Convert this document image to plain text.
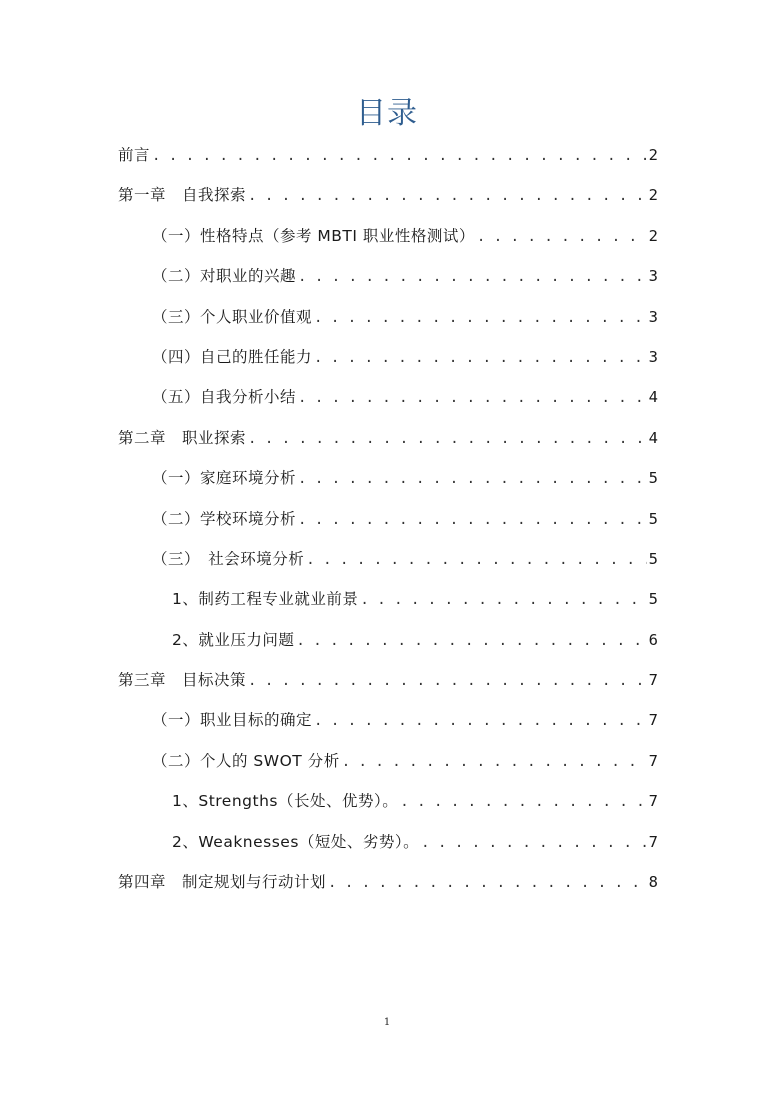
目录
前言 . . .	2
第一章　自我探索 . . .	2
（一）性格特点（参考 MBTI 职业性格测试） . . .	2
（二）对职业的兴趣 . . .	3
（三）个人职业价值观 . . .	3
（四）自己的胜任能力 . . .	3
（五）自我分析小结 . . .	4
第二章　职业探索 . . .	4
（一）家庭环境分析 . . .	5
（二）学校环境分析 . . .	5
（三）　社会环境分析 . . .	5
1、制药工程专业就业前景 . . .	5
2、就业压力问题 . . .	6
第三章　目标决策 . . .	7
（一）职业目标的确定 . . .	7
（二）个人的 SWOT 分析 . . .	7
1、Strengths（长处、优势）。 . . .	7
2、Weaknesses（短处、劣势）。 . . .	7
第四章　制定规划与行动计划 . . .	8
1
